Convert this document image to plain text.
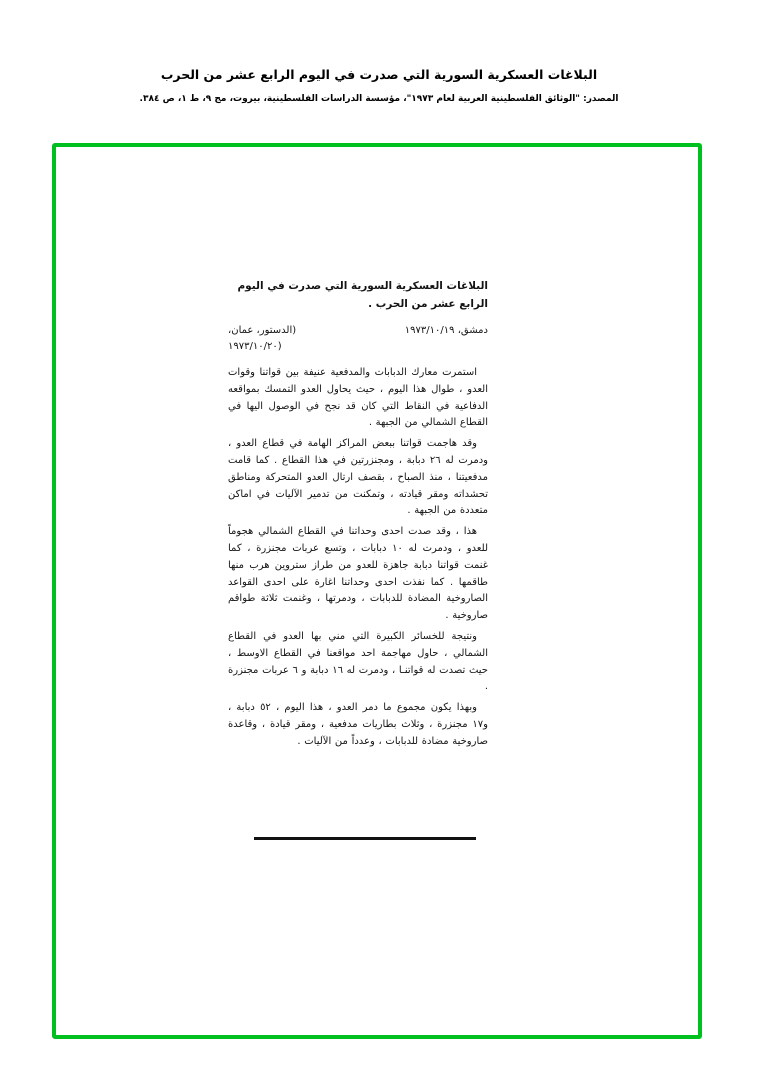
البلاغات العسكرية السورية التي صدرت في اليوم الرابع عشر من الحرب
المصدر: "الوثائق الفلسطينية العربية لعام ١٩٧٣"، مؤسسة الدراسات الفلسطينية، بيروت، مج ٩، ط ١، ص ٣٨٤.
البلاغات العسكرية السورية التي صدرت في اليوم الرابع عشر من الحرب .
دمشق، ١٩٧٣/١٠/١٩
(الدستور، عمان،
(١٩٧٣/١٠/٢٠

استمرت معارك الدبابات والمدفعية عنيفة بين قواتنا وقوات العدو ، طوال هذا اليوم ، حيث يحاول العدو التمسك بمواقعه الدفاعية في النقاط التي كان قد نجح في الوصول اليها في القطاع الشمالي من الجبهة .

وقد هاجمت قواتنا ببعض المراكز الهامة في قطاع العدو ، ودمرت له ٢٦ دبابة ، ومجنزرتين في هذا القطاع . كما قامت مدفعيتنا ، منذ الصباح ، بقصف ارتال العدو المتحركة ومناطق تحشداته ومقر قيادته ، وتمكنت من تدمير الآليات في اماكن متعددة من الجبهة .

هذا ، وقد صدت احدى وحداتنا في القطاع الشمالي هجوماً للعدو ، ودمرت له ١٠ دبابات ، وتسع عربات مجنزرة ، كما غنمت قواتنا دبابة جاهزة للعدو من طراز ستروين هرب منها طاقمها . كما نفذت احدى وحداتنا اغارة على احدى القواعد الصاروخية المضادة للدبابات ، ودمرتها ، وغنمت ثلاثة طواقم صاروخية .

ونتيجة للخسائر الكبيرة التي مني بها العدو في القطاع الشمالي ، حاول مهاجمة احد مواقعنا في القطاع الاوسط ، حيث تصدت له قواتنـا ، ودمرت له ١٦ دبابة و ٦ عربات مجنزرة .

وبهذا يكون مجموع ما دمر العدو ، هذا اليوم ، ٥٢ دبابة ، و١٧ مجنزرة ، وثلاث بطاريات مدفعية ، ومقر قيادة ، وقاعدة صاروخية مضادة للدبابات ، وعدداً من الآليات .
